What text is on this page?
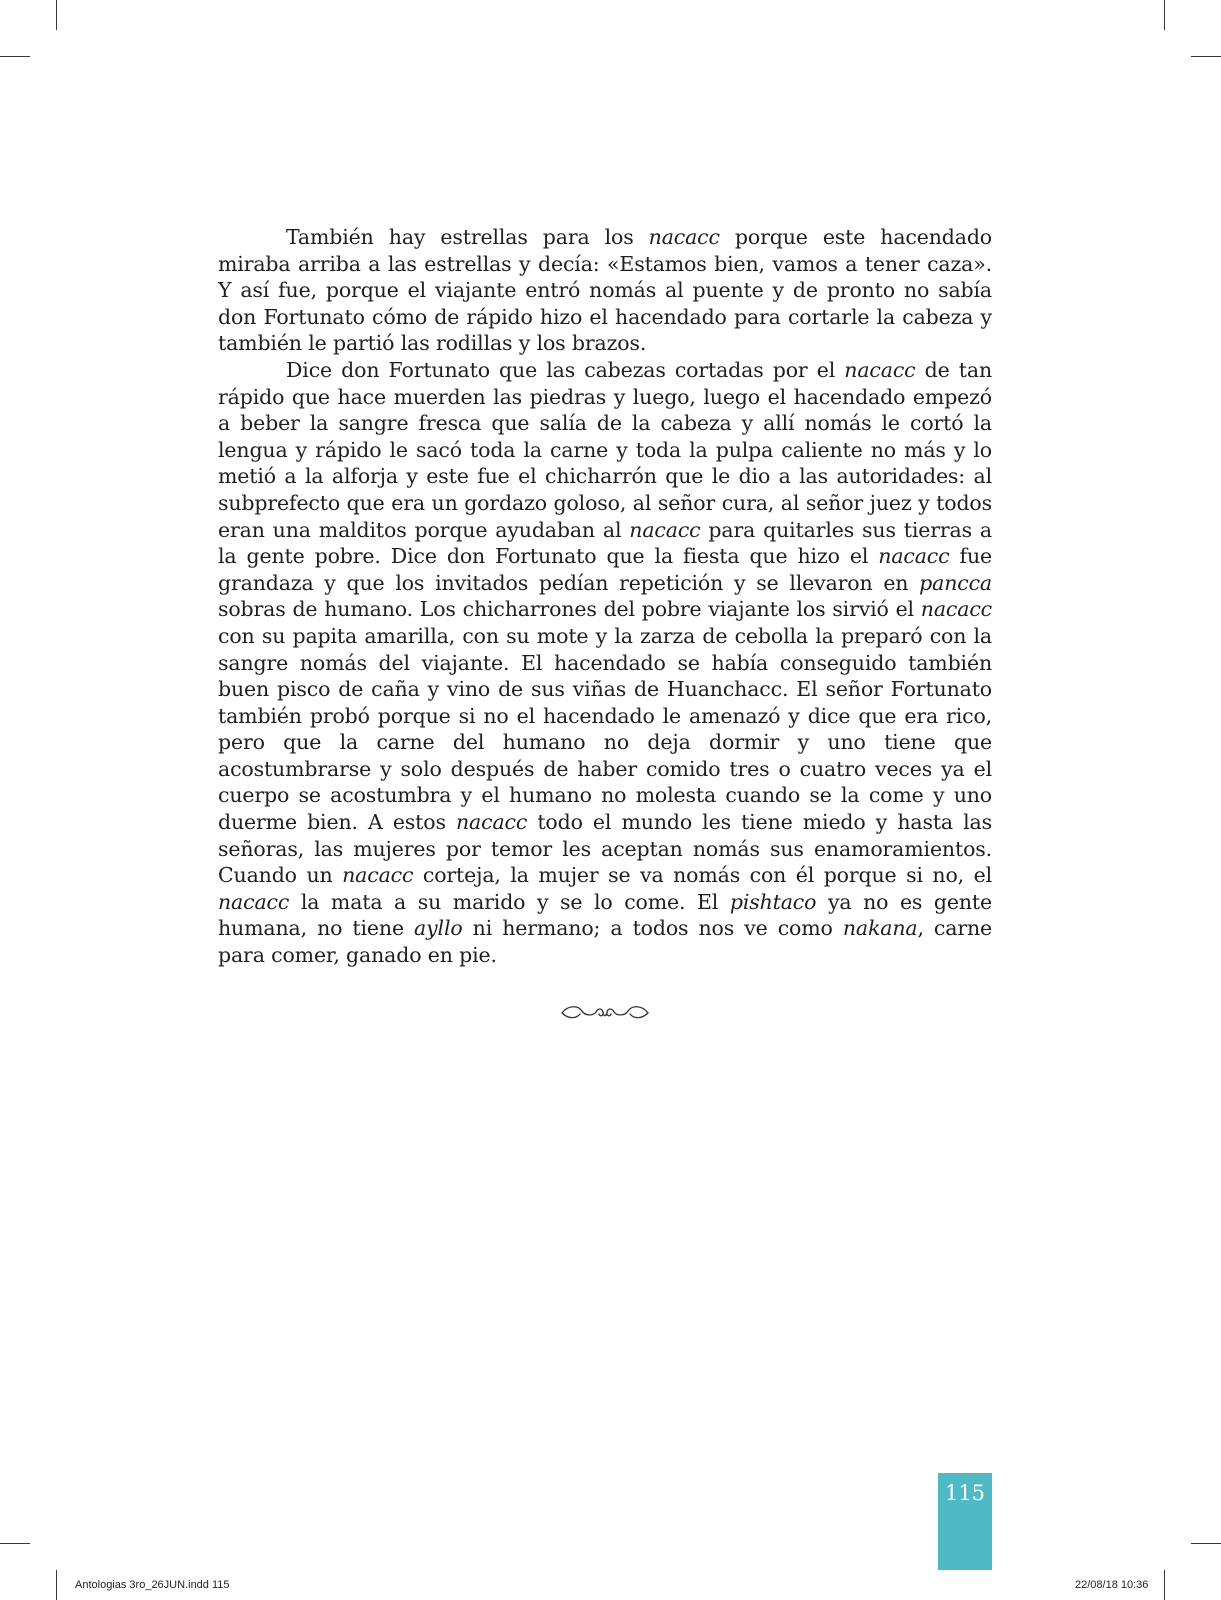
También hay estrellas para los nacacc porque este hacendado miraba arriba a las estrellas y decía: «Estamos bien, vamos a tener caza». Y así fue, porque el viajante entró nomás al puente y de pronto no sabía don Fortunato cómo de rápido hizo el hacendado para cortarle la cabeza y también le partió las rodillas y los brazos.

Dice don Fortunato que las cabezas cortadas por el nacacc de tan rápido que hace muerden las piedras y luego, luego el hacendado empezó a beber la sangre fresca que salía de la cabeza y allí nomás le cortó la lengua y rápido le sacó toda la carne y toda la pulpa caliente no más y lo metió a la alforja y este fue el chicharrón que le dio a las autoridades: al subprefecto que era un gordazo goloso, al señor cura, al señor juez y todos eran una malditos porque ayudaban al nacacc para quitarles sus tierras a la gente pobre. Dice don Fortunato que la fiesta que hizo el nacacc fue grandaza y que los invitados pedían repetición y se llevaron en pancca sobras de humano. Los chicharrones del pobre viajante los sirvió el nacacc con su papita amarilla, con su mote y la zarza de cebolla la preparó con la sangre nomás del viajante. El hacendado se había conseguido también buen pisco de caña y vino de sus viñas de Huanchacc. El señor Fortunato también probó porque si no el hacendado le amenazó y dice que era rico, pero que la carne del humano no deja dormir y uno tiene que acostumbrarse y solo después de haber comido tres o cuatro veces ya el cuerpo se acostumbra y el humano no molesta cuando se la come y uno duerme bien. A estos nacacc todo el mundo les tiene miedo y hasta las señoras, las mujeres por temor les aceptan nomás sus enamoramientos. Cuando un nacacc corteja, la mujer se va nomás con él porque si no, el nacacc la mata a su marido y se lo come. El pishtaco ya no es gente humana, no tiene ayllo ni hermano; a todos nos ve como nakana, carne para comer, ganado en pie.

115
Antologias 3ro_26JUN.indd 115	22/08/18 10:36
